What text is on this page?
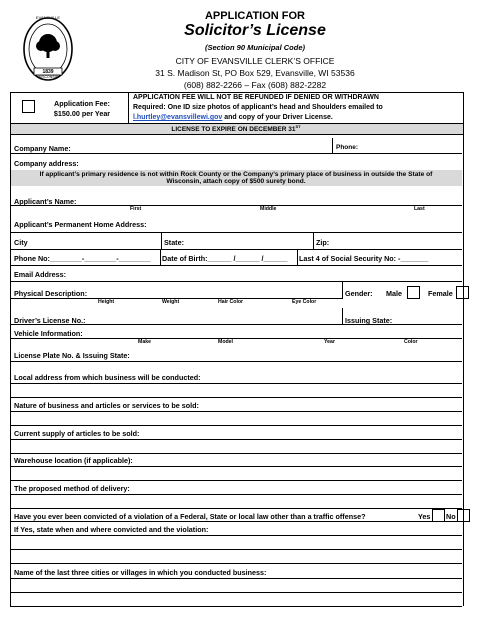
EVANSVILLE
TREE CITY
1839
WISCONSIN
APPLICATION FOR
Solicitor’s License
(Section 90 Municipal Code)
CITY OF EVANSVILLE CLERK’S OFFICE
31 S. Madison St, PO Box 529, Evansville, WI 53536
(608) 882-2266 – Fax (608) 882-2282
Application Fee:
$150.00 per Year
APPLICATION FEE WILL NOT BE REFUNDED IF DENIED OR WITHDRAWN
Required: One ID size photos of applicant’s head and Shoulders emailed to
l.hurtley@evansvillewi.gov and copy of your Driver License.
LICENSE TO EXPIRE ON DECEMBER 31ST
Company Name:	Phone:
Company address:
If applicant’s primary residence is not within Rock County or the Company’s primary place of business in outside the State of Wisconsin, attach copy of $500 surety bond.
Applicant’s Name:
First	Middle	Last
Applicant’s Permanent Home Address:
City	State:	Zip:
Phone No:________-________-________ Date of Birth:______ /______ /______ Last 4 of Social Security No: -_______
Email Address:
Physical Description:	Gender: Male	Female
Height	Weight	Hair Color	Eye Color
Driver’s License No.:	Issuing State:
Vehicle Information:
Make	Model	Year	Color
License Plate No. & Issuing State:
Local address from which business will be conducted:
Nature of business and articles or services to be sold:
Current supply of articles to be sold:
Warehouse location (if applicable):
The proposed method of delivery:
Have you ever been convicted of a violation of a Federal, State or local law other than a traffic offense?	Yes No
If Yes, state when and where convicted and the violation:
Name of the last three cities or villages in which you conducted business:
